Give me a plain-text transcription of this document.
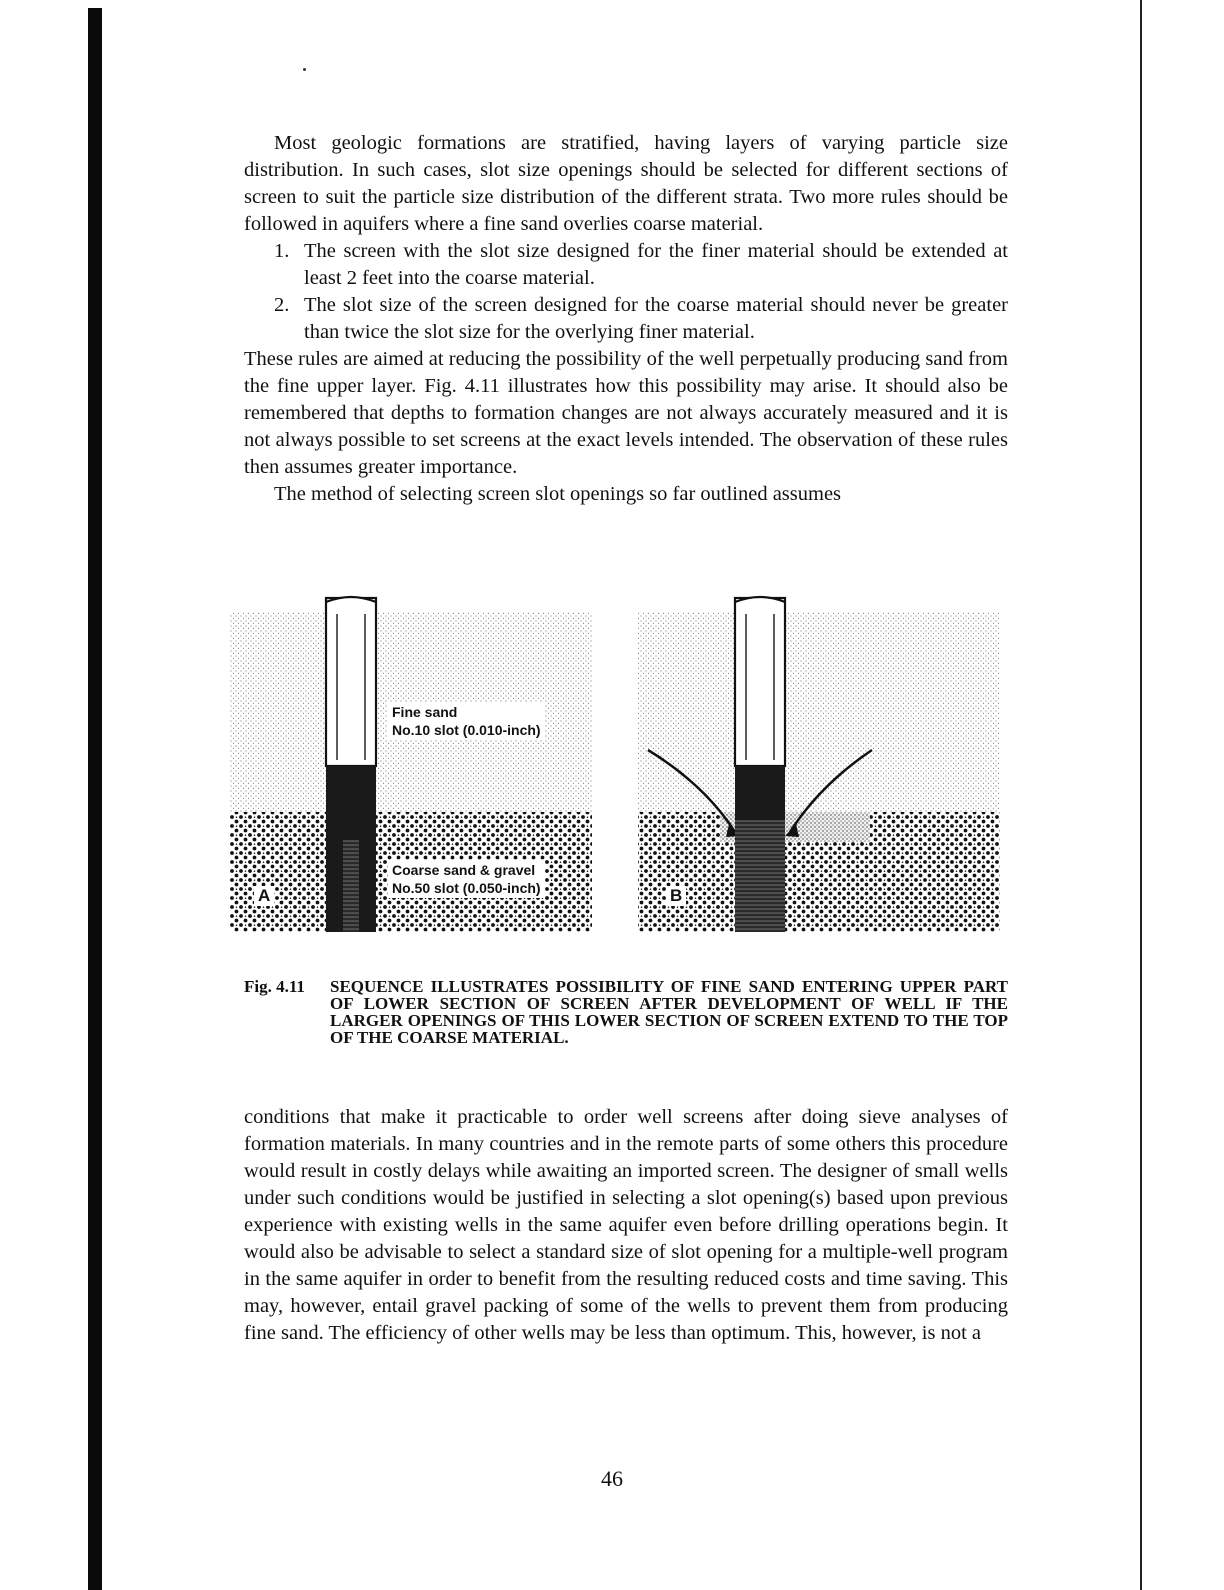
Most geologic formations are stratified, having layers of varying particle size distribution. In such cases, slot size openings should be selected for different sections of screen to suit the particle size distribution of the different strata. Two more rules should be followed in aquifers where a fine sand overlies coarse material.

1. The screen with the slot size designed for the finer material should be extended at least 2 feet into the coarse material.
2. The slot size of the screen designed for the coarse material should never be greater than twice the slot size for the overlying finer material.

These rules are aimed at reducing the possibility of the well perpetually producing sand from the fine upper layer. Fig. 4.11 illustrates how this possibility may arise. It should also be remembered that depths to formation changes are not always accurately measured and it is not always possible to set screens at the exact levels intended. The observation of these rules then assumes greater importance.

The method of selecting screen slot openings so far outlined assumes

Fine sand
No.10 slot (0.010-inch)
Coarse sand & gravel
No.50 slot (0.050-inch)
A	B
Fig. 4.11 SEQUENCE ILLUSTRATES POSSIBILITY OF FINE SAND ENTERING UPPER PART OF LOWER SECTION OF SCREEN AFTER DEVELOPMENT OF WELL IF THE LARGER OPENINGS OF THIS LOWER SECTION OF SCREEN EXTEND TO THE TOP OF THE COARSE MATERIAL.

conditions that make it practicable to order well screens after doing sieve analyses of formation materials. In many countries and in the remote parts of some others this procedure would result in costly delays while awaiting an imported screen. The designer of small wells under such conditions would be justified in selecting a slot opening(s) based upon previous experience with existing wells in the same aquifer even before drilling operations begin. It would also be advisable to select a standard size of slot opening for a multiple-well program in the same aquifer in order to benefit from the resulting reduced costs and time saving. This may, however, entail gravel packing of some of the wells to prevent them from producing fine sand. The efficiency of other wells may be less than optimum. This, however, is not a

46
